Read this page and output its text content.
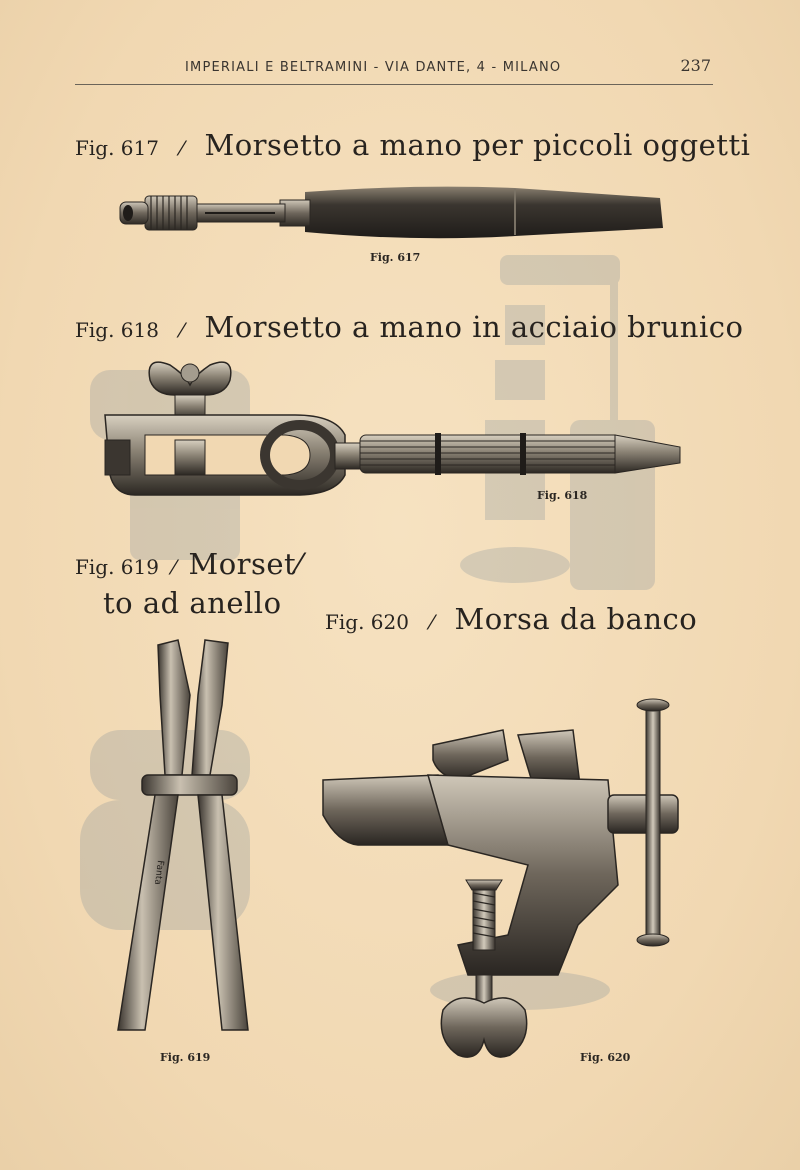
IMPERIALI E BELTRAMINI - VIA DANTE, 4 - MILANO	237
Fig. 617 ⁄ Morsetto a mano per piccoli oggetti
Fig. 617
Fig. 618 ⁄ Morsetto a mano in acciaio brunico
Fig. 618
Fig. 619 ⁄ Morset⁄
to ad anello
Fig. 620 ⁄ Morsa da banco
Fanta
Fig. 619	Fig. 620
